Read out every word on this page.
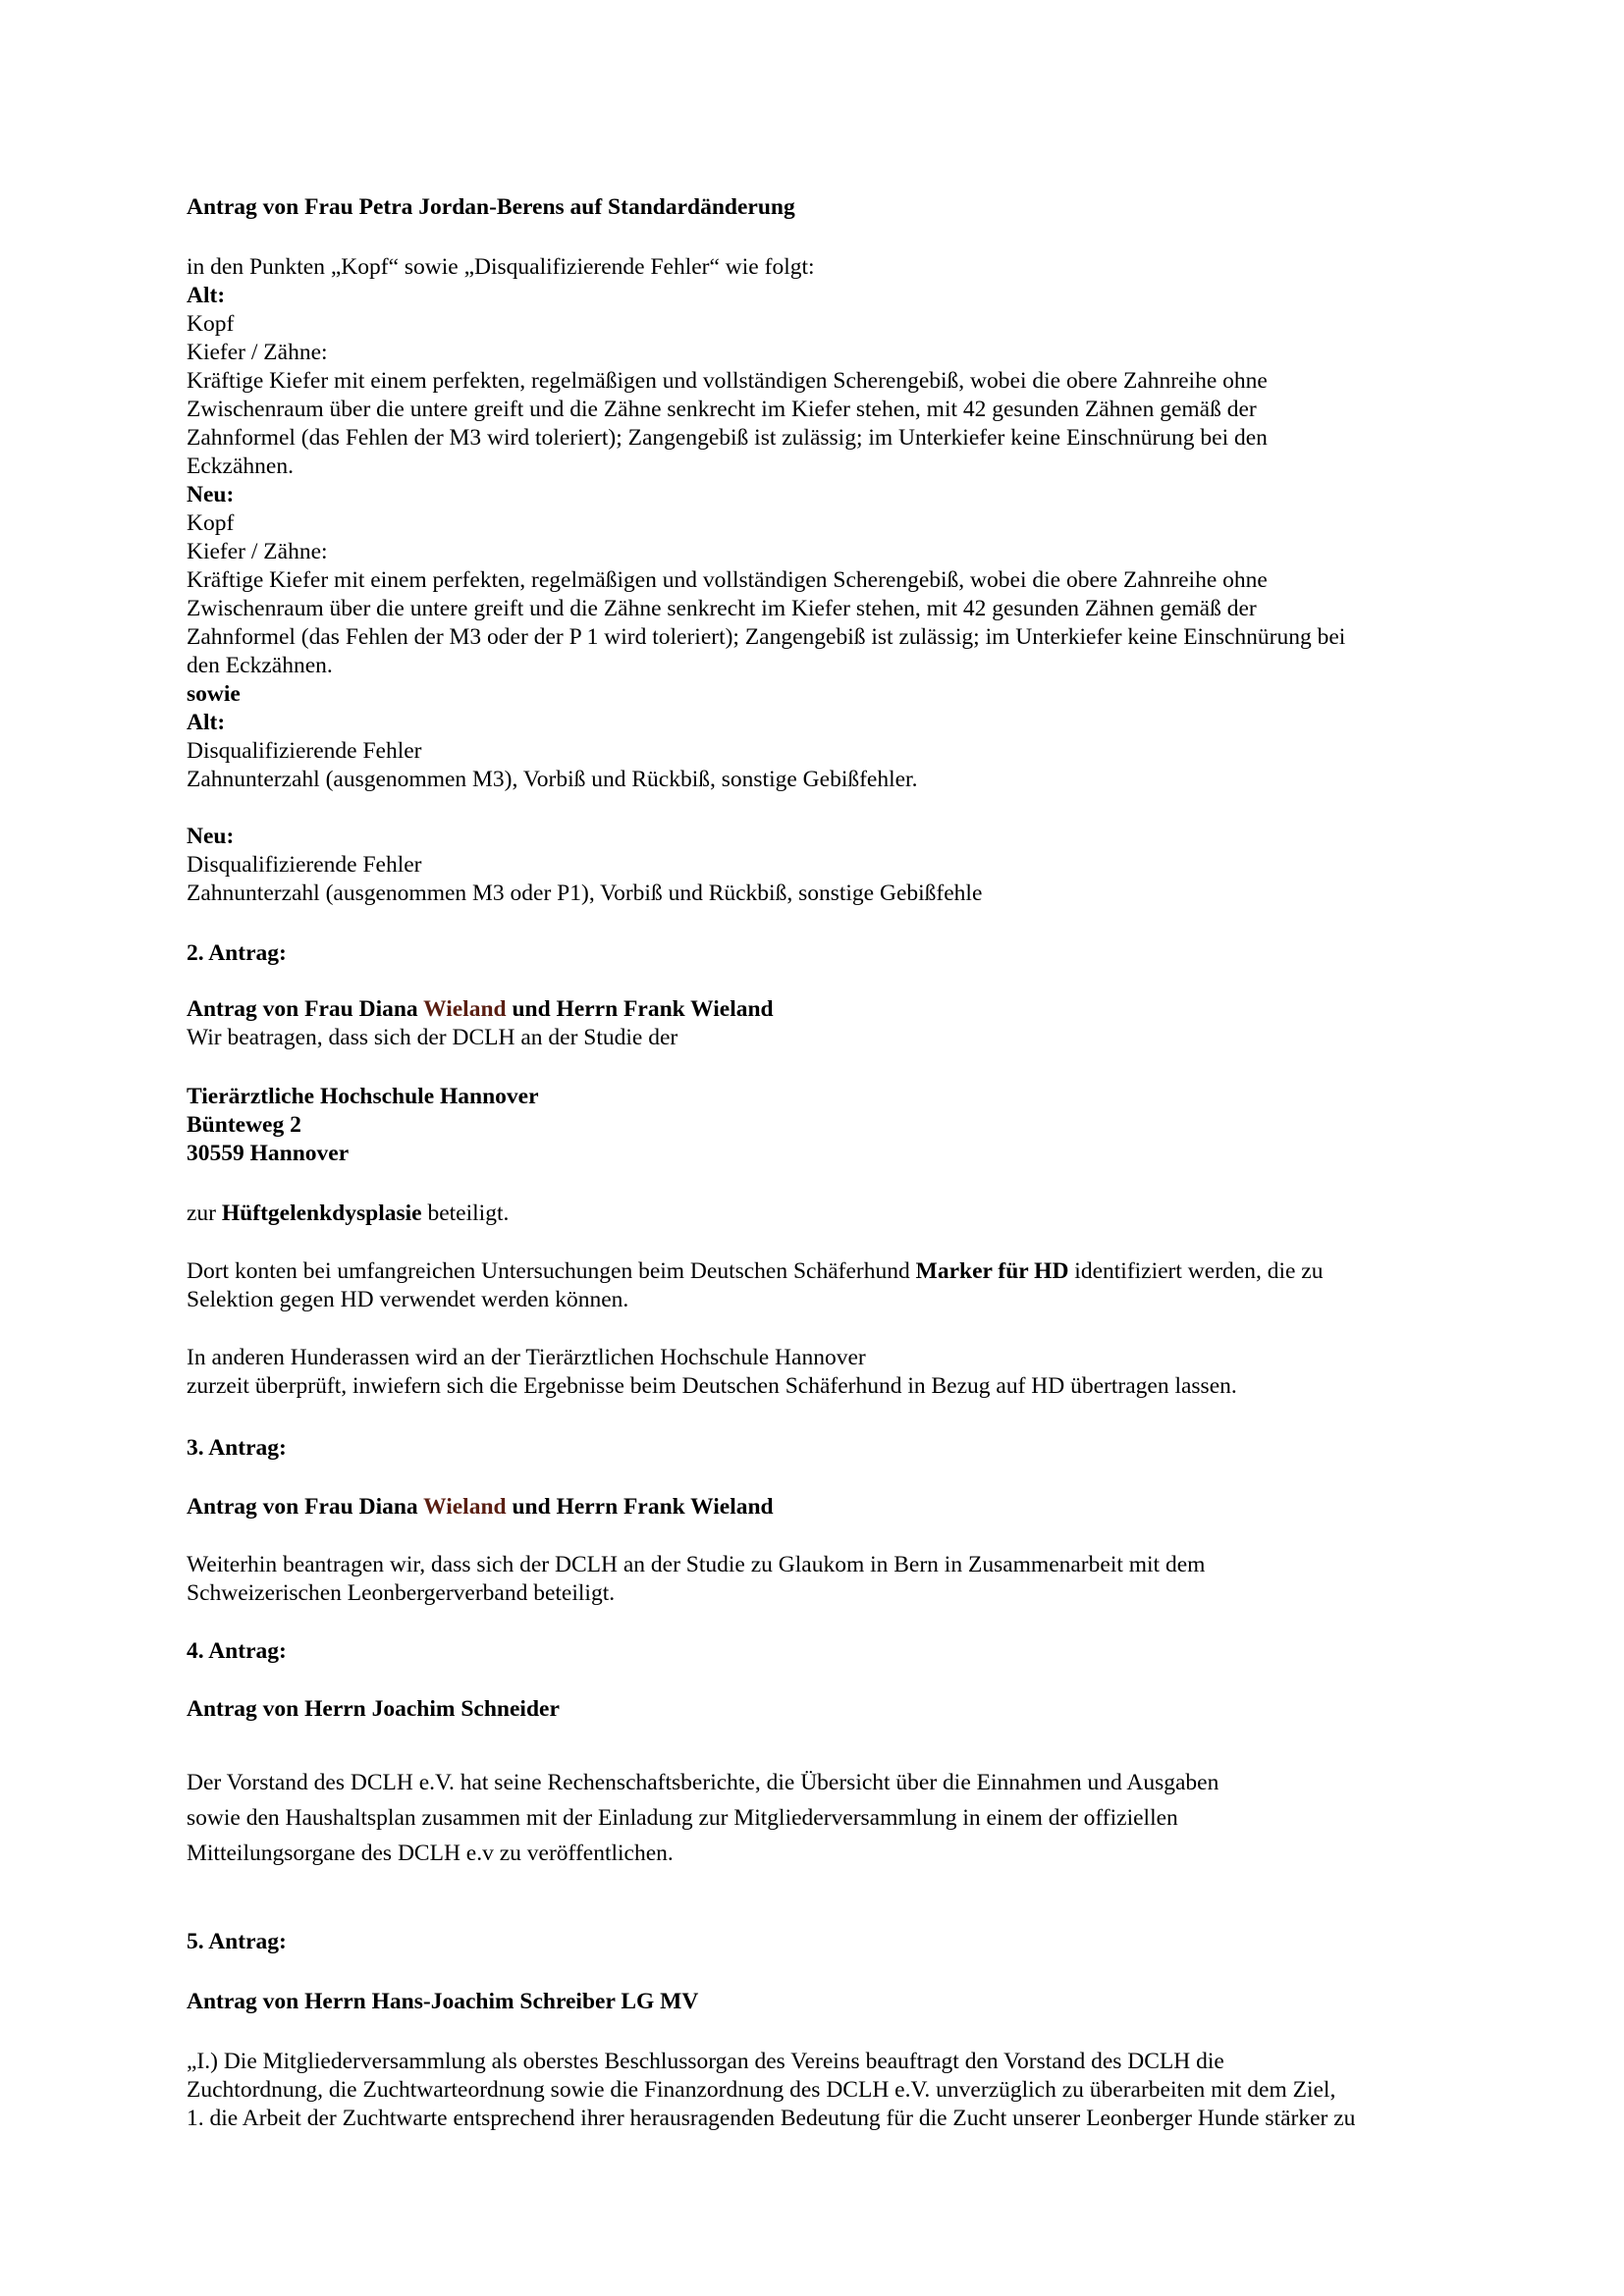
Antrag von Frau Petra Jordan-Berens auf Standardänderung
in den Punkten „Kopf“ sowie „Disqualifizierende Fehler“ wie folgt:
Alt:
Kopf
Kiefer / Zähne:
Kräftige Kiefer mit einem perfekten, regelmäßigen und vollständigen Scherengebiß, wobei die obere Zahnreihe ohne
Zwischenraum über die untere greift und die Zähne senkrecht im Kiefer stehen, mit 42 gesunden Zähnen gemäß der
Zahnformel (das Fehlen der M3 wird toleriert); Zangengebiß ist zulässig; im Unterkiefer keine Einschnürung bei den
Eckzähnen.
Neu:
Kopf
Kiefer / Zähne:
Kräftige Kiefer mit einem perfekten, regelmäßigen und vollständigen Scherengebiß, wobei die obere Zahnreihe ohne
Zwischenraum über die untere greift und die Zähne senkrecht im Kiefer stehen, mit 42 gesunden Zähnen gemäß der
Zahnformel (das Fehlen der M3 oder der P 1 wird toleriert); Zangengebiß ist zulässig; im Unterkiefer keine Einschnürung bei
den Eckzähnen.
sowie
Alt:
Disqualifizierende Fehler
Zahnunterzahl (ausgenommen M3), Vorbiß und Rückbiß, sonstige Gebißfehler.
Neu:
Disqualifizierende Fehler
Zahnunterzahl (ausgenommen M3 oder P1), Vorbiß und Rückbiß, sonstige Gebißfehle
2. Antrag:
Antrag von Frau Diana Wieland und Herrn Frank Wieland
Wir beatragen, dass sich der DCLH an der Studie der
Tierärztliche Hochschule Hannover
Bünteweg 2
30559 Hannover
zur Hüftgelenkdysplasie beteiligt.
Dort konten bei umfangreichen Untersuchungen beim Deutschen Schäferhund Marker für HD identifiziert werden, die zu
Selektion gegen HD verwendet werden können.
In anderen Hunderassen wird an der Tierärztlichen Hochschule Hannover
zurzeit überprüft, inwiefern sich die Ergebnisse beim Deutschen Schäferhund in Bezug auf HD übertragen lassen.
3. Antrag:
Antrag von Frau Diana Wieland und Herrn Frank Wieland
Weiterhin beantragen wir, dass sich der DCLH an der Studie zu Glaukom in Bern in Zusammenarbeit mit dem
Schweizerischen Leonbergerverband beteiligt.
4. Antrag:
Antrag von Herrn Joachim Schneider
Der Vorstand des DCLH e.V. hat seine Rechenschaftsberichte, die Übersicht über die Einnahmen und Ausgaben
sowie den Haushaltsplan zusammen mit der Einladung zur Mitgliederversammlung in einem der offiziellen
Mitteilungsorgane des DCLH e.v zu veröffentlichen.
5. Antrag:
Antrag von Herrn Hans-Joachim Schreiber LG MV
„I.) Die Mitgliederversammlung als oberstes Beschlussorgan des Vereins beauftragt den Vorstand des DCLH die
Zuchtordnung, die Zuchtwarteordnung sowie die Finanzordnung des DCLH e.V. unverzüglich zu überarbeiten mit dem Ziel,
1. die Arbeit der Zuchtwarte entsprechend ihrer herausragenden Bedeutung für die Zucht unserer Leonberger Hunde stärker zu
